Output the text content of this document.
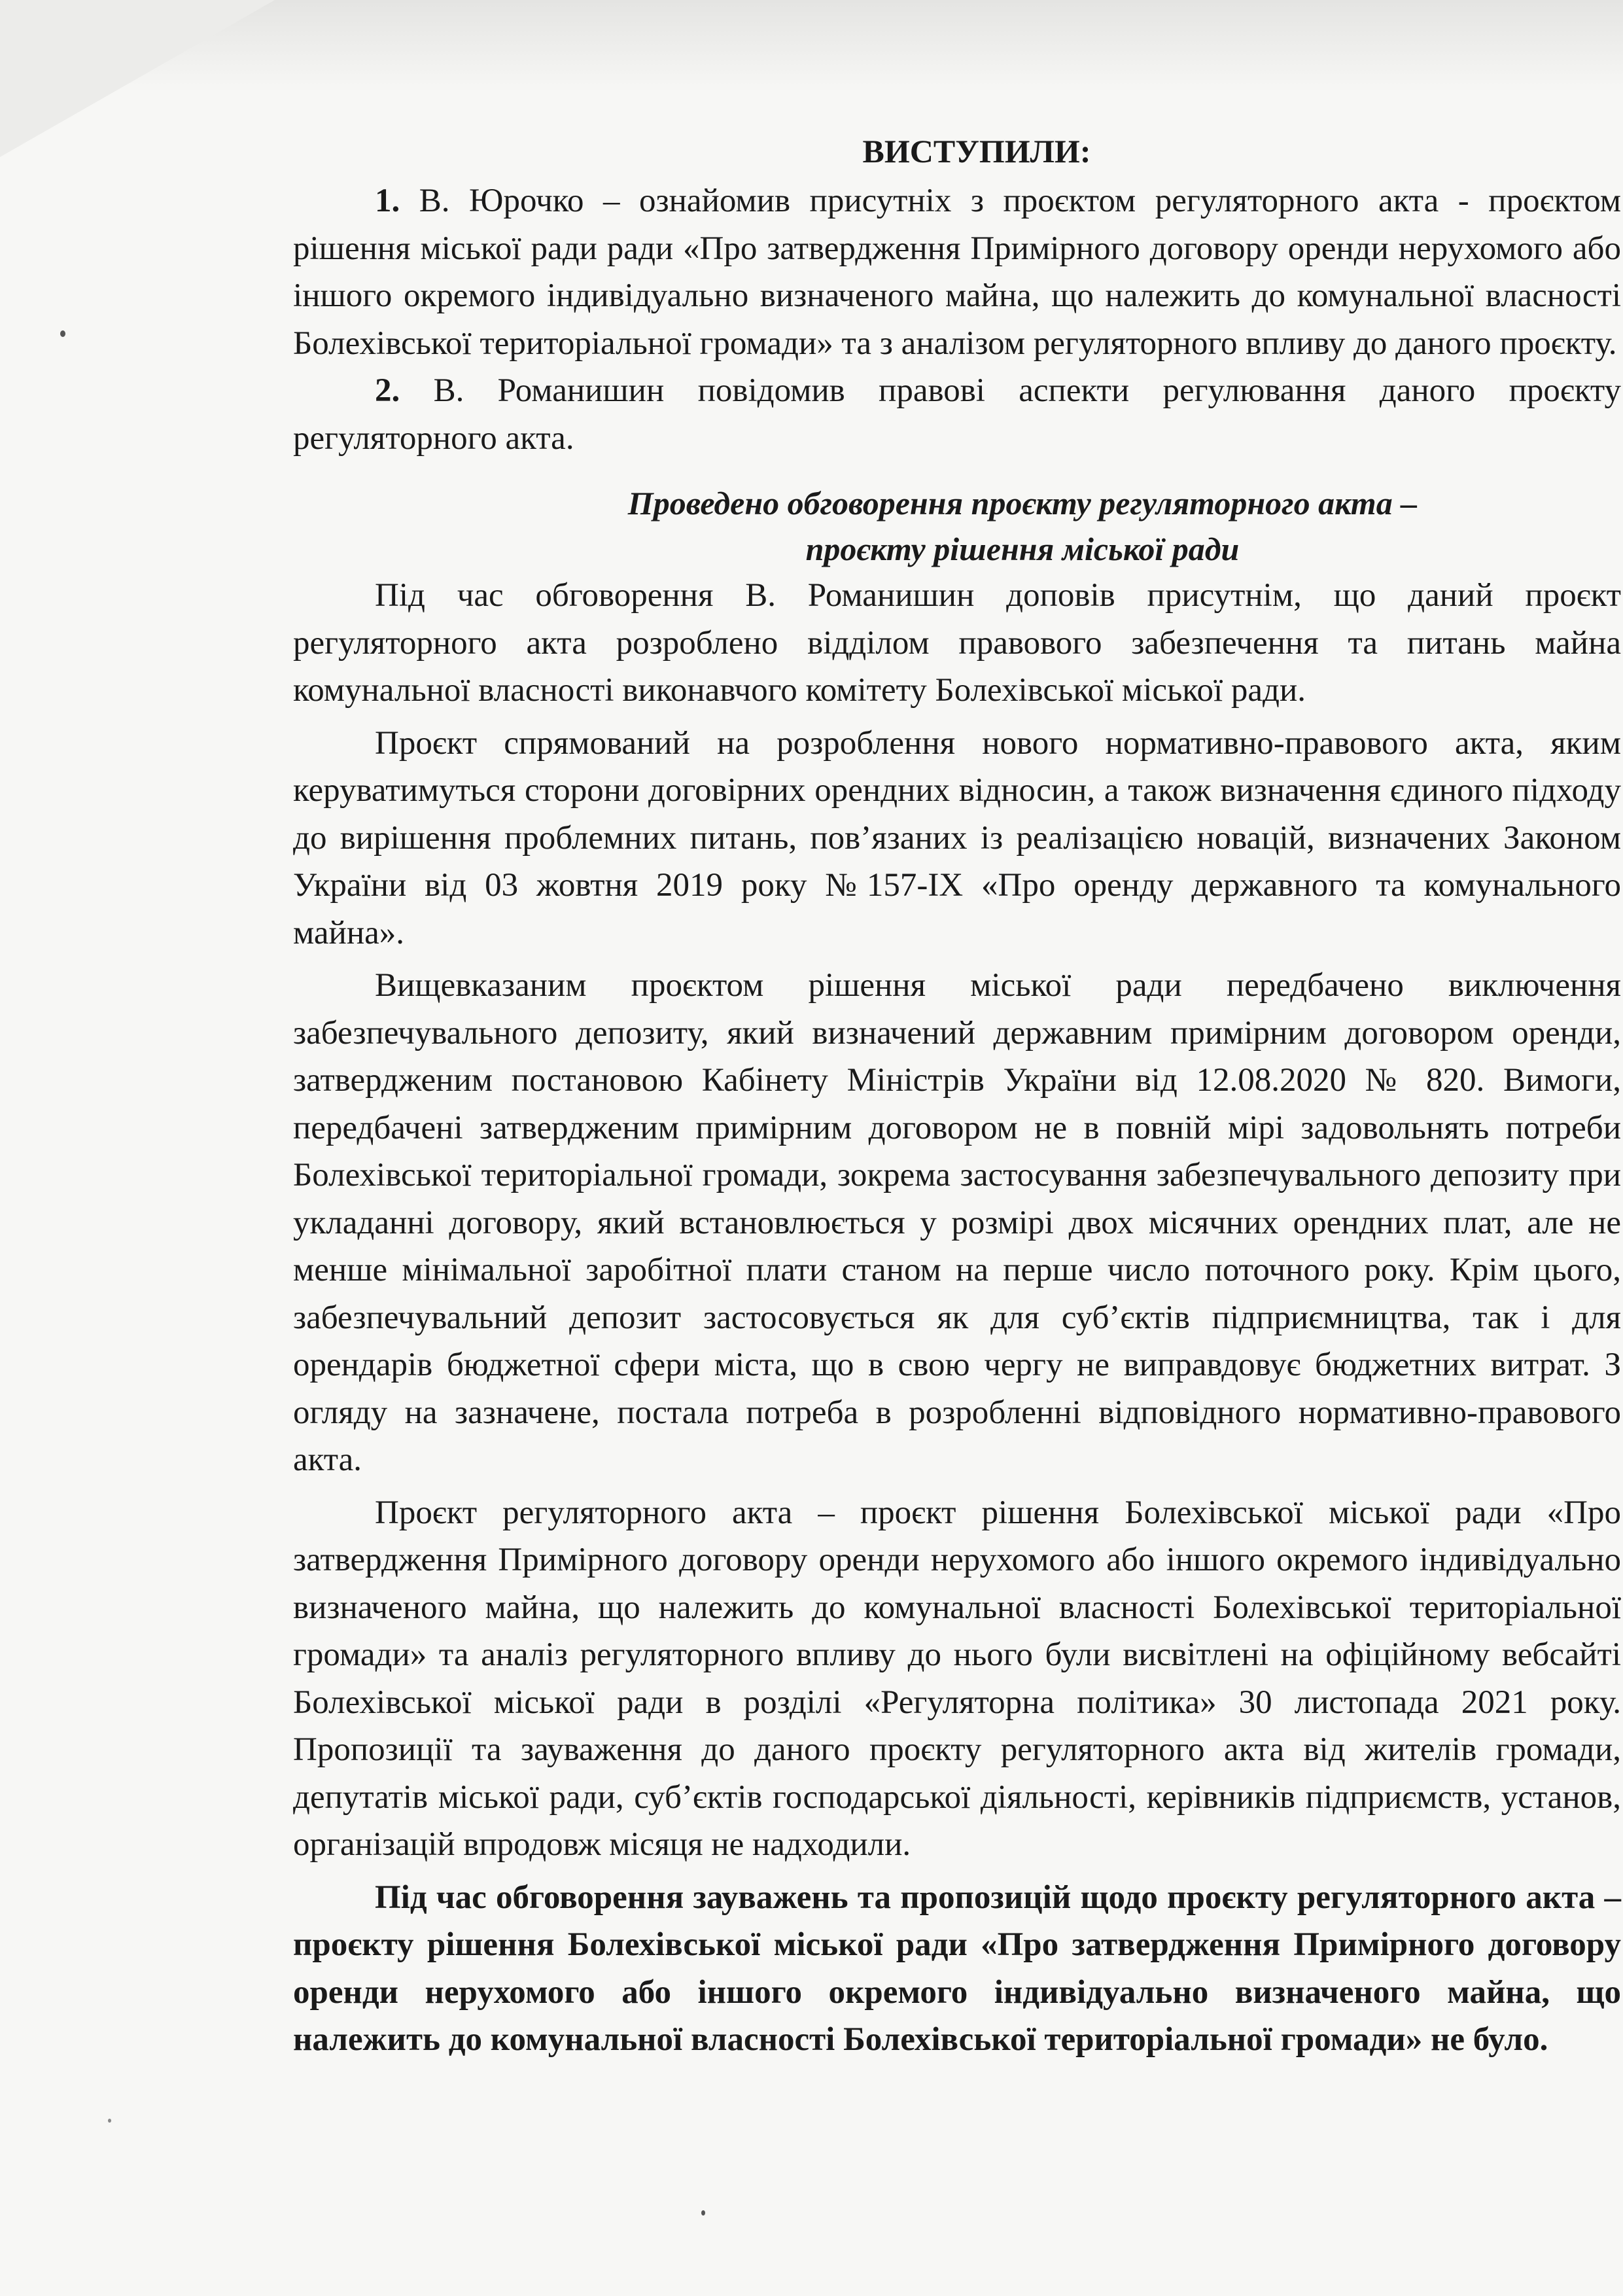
ВИСТУПИЛИ:

1. В. Юрочко – ознайомив присутніх з проєктом регуляторного акта - проєктом рішення міської ради ради «Про затвердження Примірного договору оренди нерухомого або іншого окремого індивідуально визначеного майна, що належить до комунальної власності Болехівської територіальної громади» та з аналізом регуляторного впливу до даного проєкту.

2. В. Романишин повідомив правові аспекти регулювання даного проєкту регуляторного акта.

Проведено обговорення проєкту регуляторного акта –
проєкту рішення міської ради

Під час обговорення В. Романишин доповів присутнім, що даний проєкт регуляторного акта розроблено відділом правового забезпечення та питань майна комунальної власності виконавчого комітету Болехівської міської ради.

Проєкт спрямований на розроблення нового нормативно-правового акта, яким керуватимуться сторони договірних орендних відносин, а також визначення єдиного підходу до вирішення проблемних питань, пов’язаних із реалізацією новацій, визначених Законом України від 03 жовтня 2019 року №157-ІХ «Про оренду державного та комунального майна».

Вищевказаним проєктом рішення міської ради передбачено виключення забезпечувального депозиту, який визначений державним примірним договором оренди, затвердженим постановою Кабінету Міністрів України від 12.08.2020 № 820. Вимоги, передбачені затвердженим примірним договором не в повній мірі задовольнять потреби Болехівської територіальної громади, зокрема застосування забезпечувального депозиту при укладанні договору, який встановлюється у розмірі двох місячних орендних плат, але не менше мінімальної заробітної плати станом на перше число поточного року. Крім цього, забезпечувальний депозит застосовується як для суб’єктів підприємництва, так і для орендарів бюджетної сфери міста, що в свою чергу не виправдовує бюджетних витрат. З огляду на зазначене, постала потреба в розробленні відповідного нормативно-правового акта.

Проєкт регуляторного акта – проєкт рішення Болехівської міської ради «Про затвердження Примірного договору оренди нерухомого або іншого окремого індивідуально визначеного майна, що належить до комунальної власності Болехівської територіальної громади» та аналіз регуляторного впливу до нього були висвітлені на офіційному вебсайті Болехівської міської ради в розділі «Регуляторна політика» 30 листопада 2021 року. Пропозиції та зауваження до даного проєкту регуляторного акта від жителів громади, депутатів міської ради, суб’єктів господарської діяльності, керівників підприємств, установ, організацій впродовж місяця не надходили.

Під час обговорення зауважень та пропозицій щодо проєкту регуляторного акта – проєкту рішення Болехівської міської ради «Про затвердження Примірного договору оренди нерухомого або іншого окремого індивідуально визначеного майна, що належить до комунальної власності Болехівської територіальної громади» не було.
